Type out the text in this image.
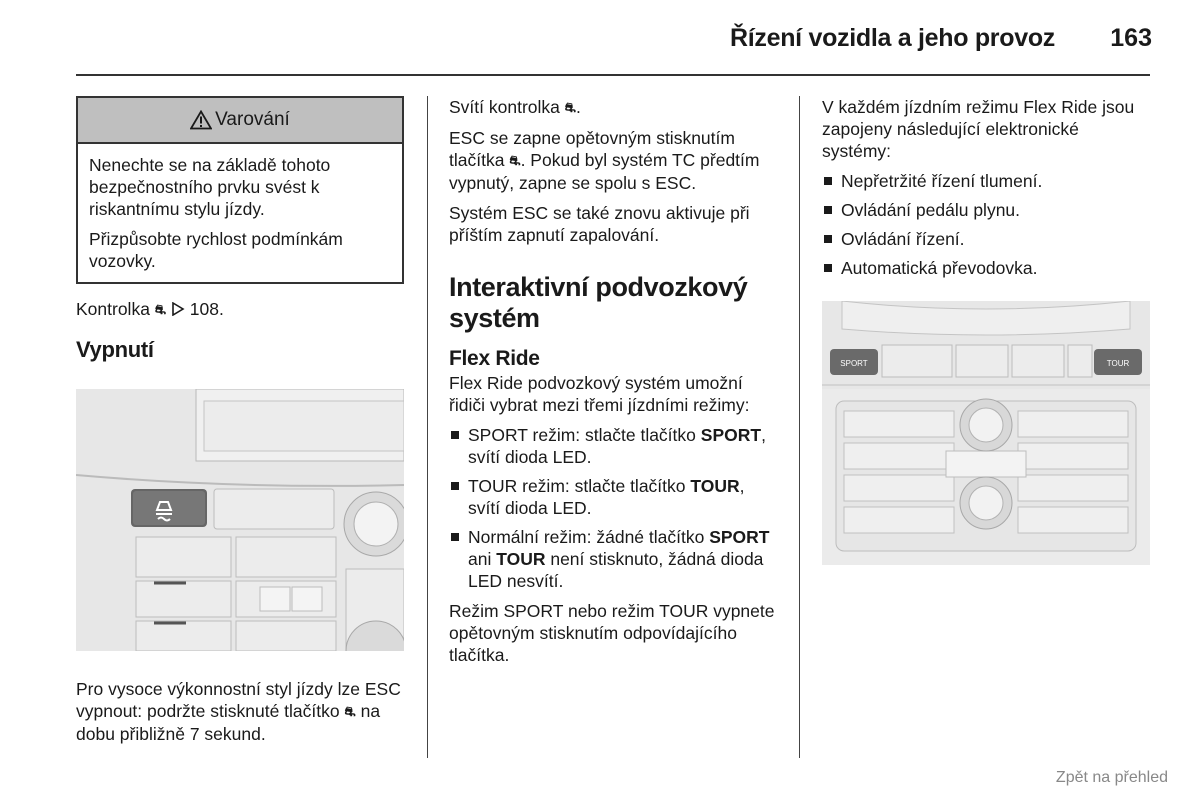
Řízení vozidla a jeho provoz	163
Varování

Nenechte se na základě tohoto bezpečnostního prvku svést k riskantnímu stylu jízdy.

Přizpůsobte rychlost podmínkám vozovky.

Kontrolka ⛐ 108.

Vypnutí

Pro vysoce výkonnostní styl jízdy lze ESC vypnout: podržte stisknuté tlačítko ⛐ na dobu přibližně 7 sekund.

Svítí kontrolka ⛐.

ESC se zapne opětovným stisknutím tlačítka ⛐. Pokud byl systém TC předtím vypnutý, zapne se spolu s ESC.

Systém ESC se také znovu aktivuje při příštím zapnutí zapalování.

Interaktivní podvozkový systém
Flex Ride

Flex Ride podvozkový systém umožní řidiči vybrat mezi třemi jízdními režimy:

SPORT režim: stlačte tlačítko SPORT, svítí dioda LED.
TOUR režim: stlačte tlačítko TOUR, svítí dioda LED.
Normální režim: žádné tlačítko SPORT ani TOUR není stisknuto, žádná dioda LED nesvítí.

Režim SPORT nebo režim TOUR vypnete opětovným stisknutím odpovídajícího tlačítka.

V každém jízdním režimu Flex Ride jsou zapojeny následující elektronické systémy:

Nepřetržité řízení tlumení.
Ovládání pedálu plynu.
Ovládání řízení.
Automatická převodovka.
SPORT	TOUR
Zpět na přehled
